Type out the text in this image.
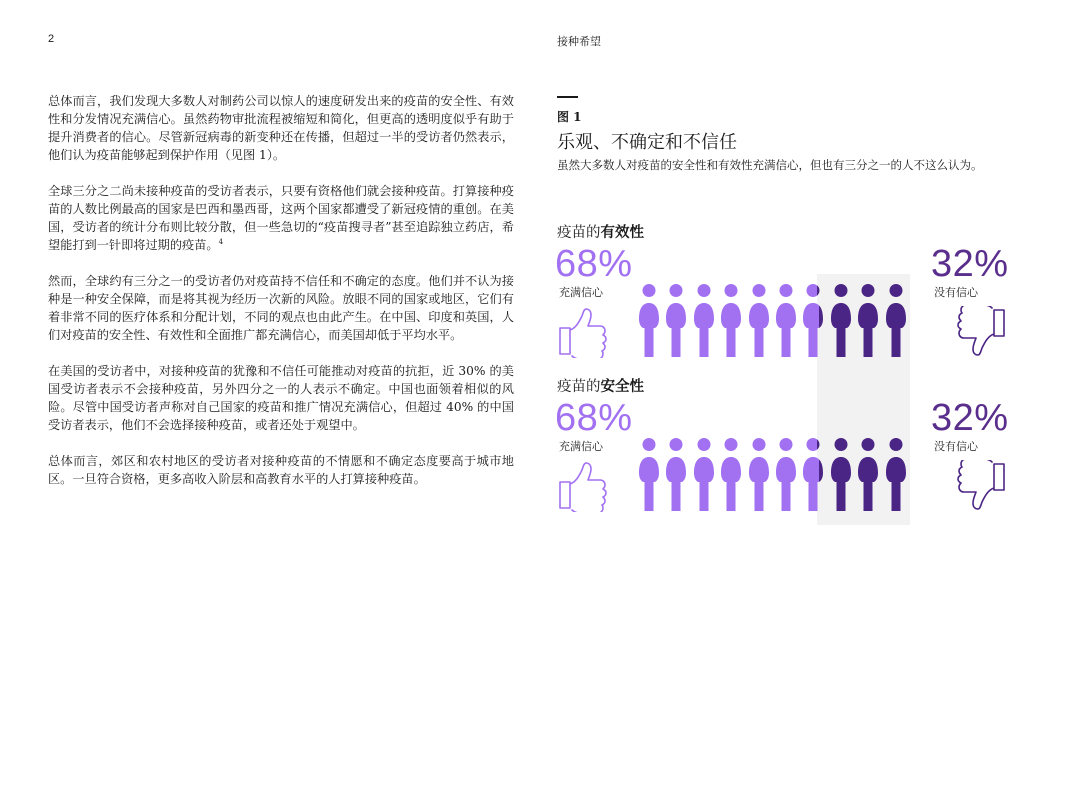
2	接种希望

总体而言，我们发现大多数人对制药公司以惊人的速度研发出来的疫苗的安全性、有效性和分发情况充满信心。虽然药物审批流程被缩短和简化，但更高的透明度似乎有助于提升消费者的信心。尽管新冠病毒的新变种还在传播，但超过一半的受访者仍然表示，他们认为疫苗能够起到保护作用（见图 1）。

全球三分之二尚未接种疫苗的受访者表示，只要有资格他们就会接种疫苗。打算接种疫苗的人数比例最高的国家是巴西和墨西哥，这两个国家都遭受了新冠疫情的重创。在美国，受访者的统计分布则比较分散，但一些急切的“疫苗搜寻者”甚至追踪独立药店，希望能打到一针即将过期的疫苗。$^4$

然而，全球约有三分之一的受访者仍对疫苗持不信任和不确定的态度。他们并不认为接种是一种安全保障，而是将其视为经历一次新的风险。放眼不同的国家或地区，它们有着非常不同的医疗体系和分配计划，不同的观点也由此产生。在中国、印度和英国，人们对疫苗的安全性、有效性和全面推广都充满信心，而美国却低于平均水平。

在美国的受访者中，对接种疫苗的犹豫和不信任可能推动对疫苗的抗拒，近 30% 的美国受访者表示不会接种疫苗，另外四分之一的人表示不确定。中国也面领着相似的风险。尽管中国受访者声称对自己国家的疫苗和推广情况充满信心，但超过 40% 的中国受访者表示，他们不会选择接种疫苗，或者还处于观望中。

总体而言，郊区和农村地区的受访者对接种疫苗的不情愿和不确定态度要高于城市地区。一旦符合资格，更多高收入阶层和高教育水平的人打算接种疫苗。

图 1
乐观、不确定和不信任
虽然大多数人对疫苗的安全性和有效性充满信心，但也有三分之一的人不这么认为。
疫苗的有效性
68%	32%
充满信心	没有信心
疫苗的安全性
68%	32%
充满信心	没有信心
